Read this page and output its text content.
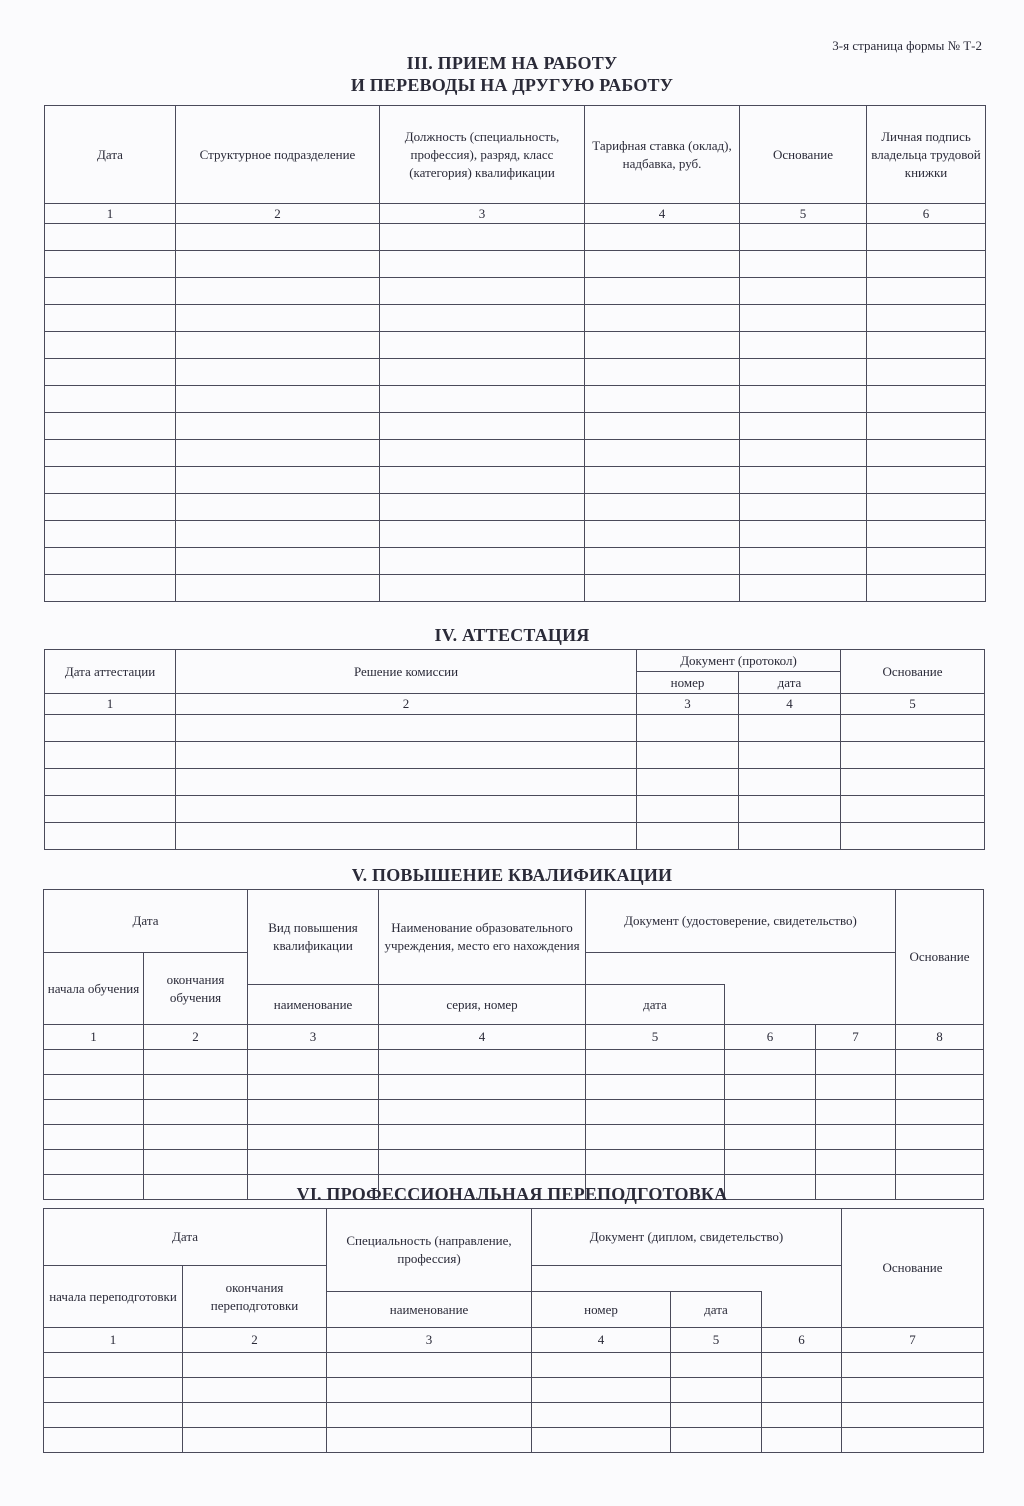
3-я страница формы № Т-2
III. ПРИЕМ НА РАБОТУ
И ПЕРЕВОДЫ НА ДРУГУЮ РАБОТУ
Дата	Структурное подразделение	Должность (специальность, профессия), разряд, класс (категория) квалификации	Тарифная ставка (оклад), надбавка, руб.	Основание	Личная подпись владельца трудовой книжки
1	2	3	4	5	6

IV. АТТЕСТАЦИЯ
Дата аттестации	Решение комиссии	Документ (протокол)		Основание
		номер	дата	
1	2	3	4	5

V. ПОВЫШЕНИЕ КВАЛИФИКАЦИИ
Дата		Вид повышения квалификации	Наименование образовательного учреждения, место его нахождения	Документ (удостоверение, свидетельство)			Основание
начала обучения	окончания обучения						
		наименование	серия, номер	дата			
1	2	3	4	5	6	7	8

VI. ПРОФЕССИОНАЛЬНАЯ ПЕРЕПОДГОТОВКА
Дата		Специальность (направление, профессия)	Документ (диплом, свидетельство)			Основание
начала переподготовки	окончания переподготовки					
		наименование	номер	дата		
1	2	3	4	5	6	7
